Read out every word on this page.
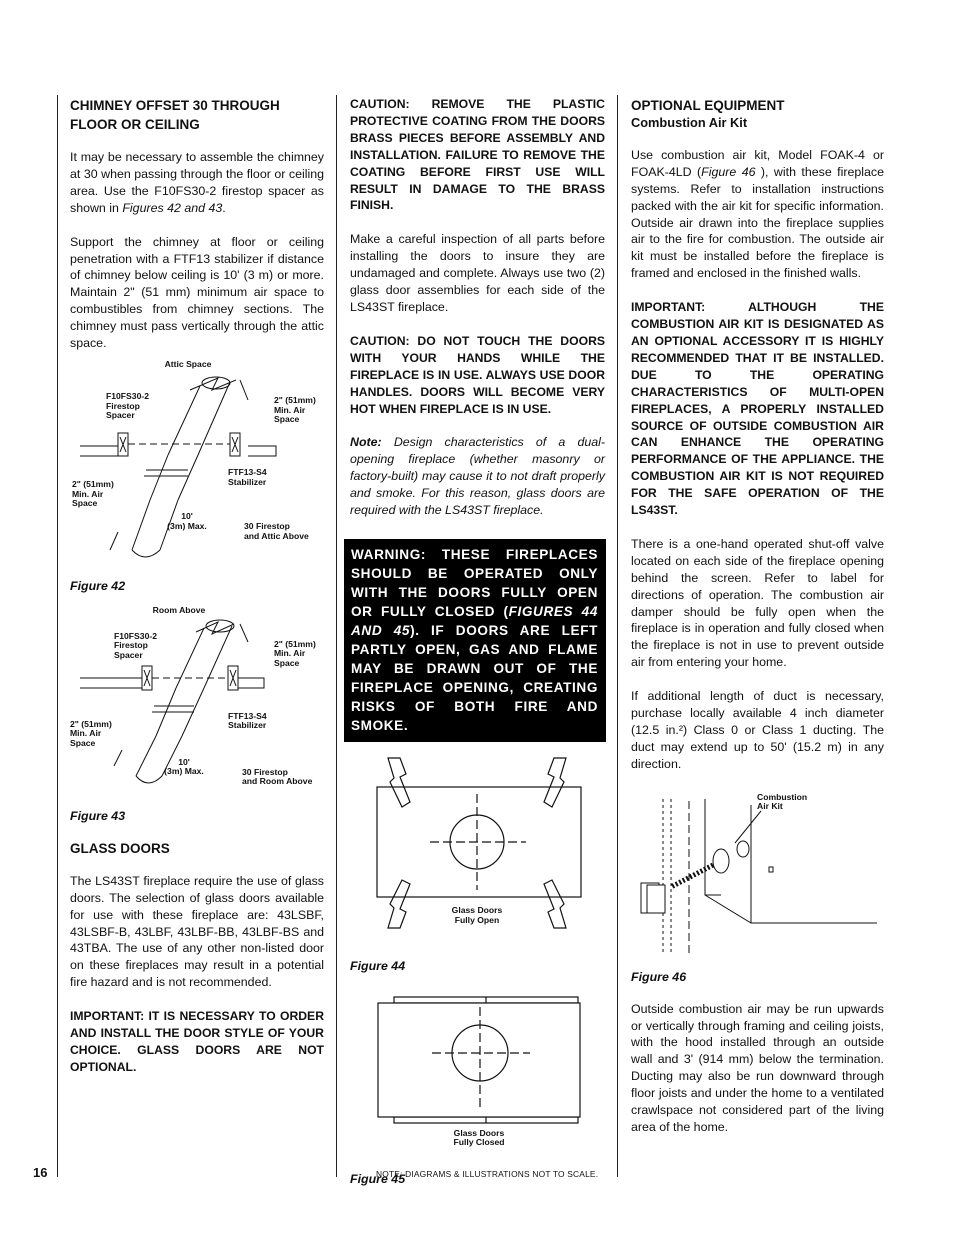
CHIMNEY OFFSET 30 THROUGH FLOOR OR CEILING

It may be necessary to assemble the chimney at 30 when passing through the floor or ceiling area. Use the F10FS30-2 firestop spacer as shown in Figures 42 and 43.

Support the chimney at floor or ceiling penetration with a FTF13 stabilizer if distance of chimney below ceiling is 10' (3 m) or more. Maintain 2" (51 mm) minimum air space to combustibles from chimney sections. The chimney must pass vertically through the attic space.

Attic Space
F10FS30-2
Firestop
Spacer
2" (51mm)
Min. Air
Space
FTF13-S4
Stabilizer
2" (51mm)
Min. Air
Space
10'
(3m) Max.	30 Firestop
and Attic Above
Figure 42
Room Above
F10FS30-2
Firestop
Spacer
2" (51mm)
Min. Air
Space
FTF13-S4
Stabilizer
2" (51mm)
Min. Air
Space
10'
(3m) Max.	30 Firestop
and Room Above
Figure 43
GLASS DOORS

The LS43ST fireplace require the use of glass doors. The selection of glass doors available for use with these fireplace are: 43LSBF, 43LSBF-B, 43LBF, 43LBF-BB, 43LBF-BS and 43TBA. The use of any other non-listed door on these fireplaces may result in a potential fire hazard and is not recommended.

IMPORTANT: IT IS NECESSARY TO ORDER AND INSTALL THE DOOR STYLE OF YOUR CHOICE. GLASS DOORS ARE NOT OPTIONAL.

CAUTION: REMOVE THE PLASTIC PROTECTIVE COATING FROM THE DOORS BRASS PIECES BEFORE ASSEMBLY AND INSTALLATION. FAILURE TO REMOVE THE COATING BEFORE FIRST USE WILL RESULT IN DAMAGE TO THE BRASS FINISH.

Make a careful inspection of all parts before installing the doors to insure they are undamaged and complete. Always use two (2) glass door assemblies for each side of the LS43ST fireplace.

CAUTION: DO NOT TOUCH THE DOORS WITH YOUR HANDS WHILE THE FIREPLACE IS IN USE. ALWAYS USE DOOR HANDLES. DOORS WILL BECOME VERY HOT WHEN FIREPLACE IS IN USE.

Note: Design characteristics of a dual-opening fireplace (whether masonry or factory-built) may cause it to not draft properly and smoke. For this reason, glass doors are required with the LS43ST fireplace.

WARNING: THESE FIREPLACES SHOULD BE OPERATED ONLY WITH THE DOORS FULLY OPEN OR FULLY CLOSED (FIGURES 44 AND 45). IF DOORS ARE LEFT PARTLY OPEN, GAS AND FLAME MAY BE DRAWN OUT OF THE FIREPLACE OPENING, CREATING RISKS OF BOTH FIRE AND SMOKE.
Glass Doors
Fully Open
Figure 44
Glass Doors
Fully Closed
Figure 45
OPTIONAL EQUIPMENT
Combustion Air Kit

Use combustion air kit, Model FOAK-4 or FOAK-4LD (Figure 46 ), with these fireplace systems. Refer to installation instructions packed with the air kit for specific information. Outside air drawn into the fireplace supplies air to the fire for combustion. The outside air kit must be installed before the fireplace is framed and enclosed in the finished walls.

IMPORTANT: ALTHOUGH THE COMBUSTION AIR KIT IS DESIGNATED AS AN OPTIONAL ACCESSORY IT IS HIGHLY RECOMMENDED THAT IT BE INSTALLED. DUE TO THE OPERATING CHARACTERISTICS OF MULTI-OPEN FIREPLACES, A PROPERLY INSTALLED SOURCE OF OUTSIDE COMBUSTION AIR CAN ENHANCE THE OPERATING PERFORMANCE OF THE APPLIANCE. THE COMBUSTION AIR KIT IS NOT REQUIRED FOR THE SAFE OPERATION OF THE LS43ST.

There is a one-hand operated shut-off valve located on each side of the fireplace opening behind the screen. Refer to label for directions of operation. The combustion air damper should be fully open when the fireplace is in operation and fully closed when the fireplace is not in use to prevent outside air from entering your home.

If additional length of duct is necessary, purchase locally available 4 inch diameter (12.5 in.²) Class 0 or Class 1 ducting. The duct may extend up to 50' (15.2 m) in any direction.

Combustion
Air Kit
Figure 46

Outside combustion air may be run upwards or vertically through framing and ceiling joists, with the hood installed through an outside wall and 3' (914 mm) below the termination. Ducting may also be run downward through floor joists and under the home to a ventilated crawlspace not considered part of the living area of the home.

16	NOTE: DIAGRAMS & ILLUSTRATIONS NOT TO SCALE.
